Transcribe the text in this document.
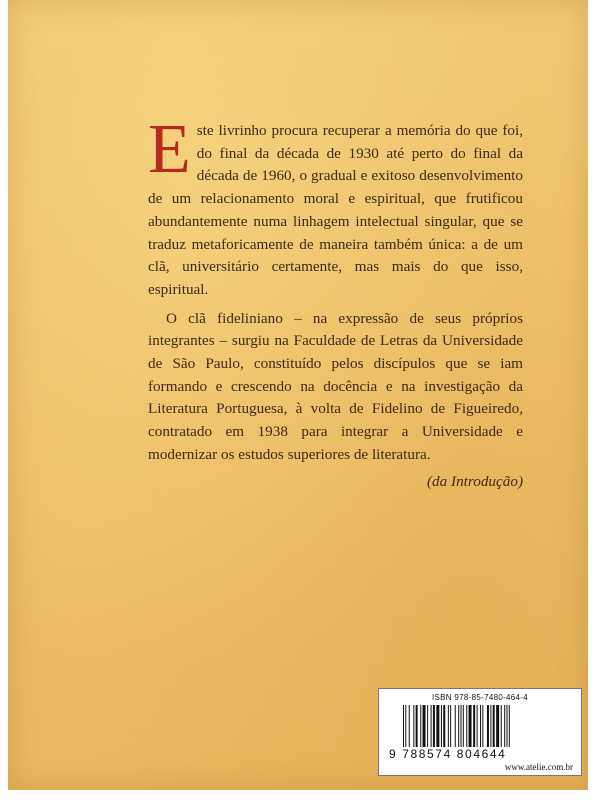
Este livrinho procura recuperar a memória do que foi, do final da década de 1930 até perto do final da década de 1960, o gradual e exitoso desenvolvimento de um relacionamento moral e espiritual, que frutificou abundantemente numa linhagem intelectual singular, que se traduz metaforicamente de maneira também única: a de um clã, universitário certamente, mas mais do que isso, espiritual.

O clã fideliniano – na expressão de seus próprios integrantes – surgiu na Faculdade de Letras da Universidade de São Paulo, constituído pelos discípulos que se iam formando e crescendo na docência e na investigação da Literatura Portuguesa, à volta de Fidelino de Figueiredo, contratado em 1938 para integrar a Universidade e modernizar os estudos superiores de literatura.

(da Introdução)
ISBN 978-85-7480-464-4
9 788574 804644
www.atelie.com.br
